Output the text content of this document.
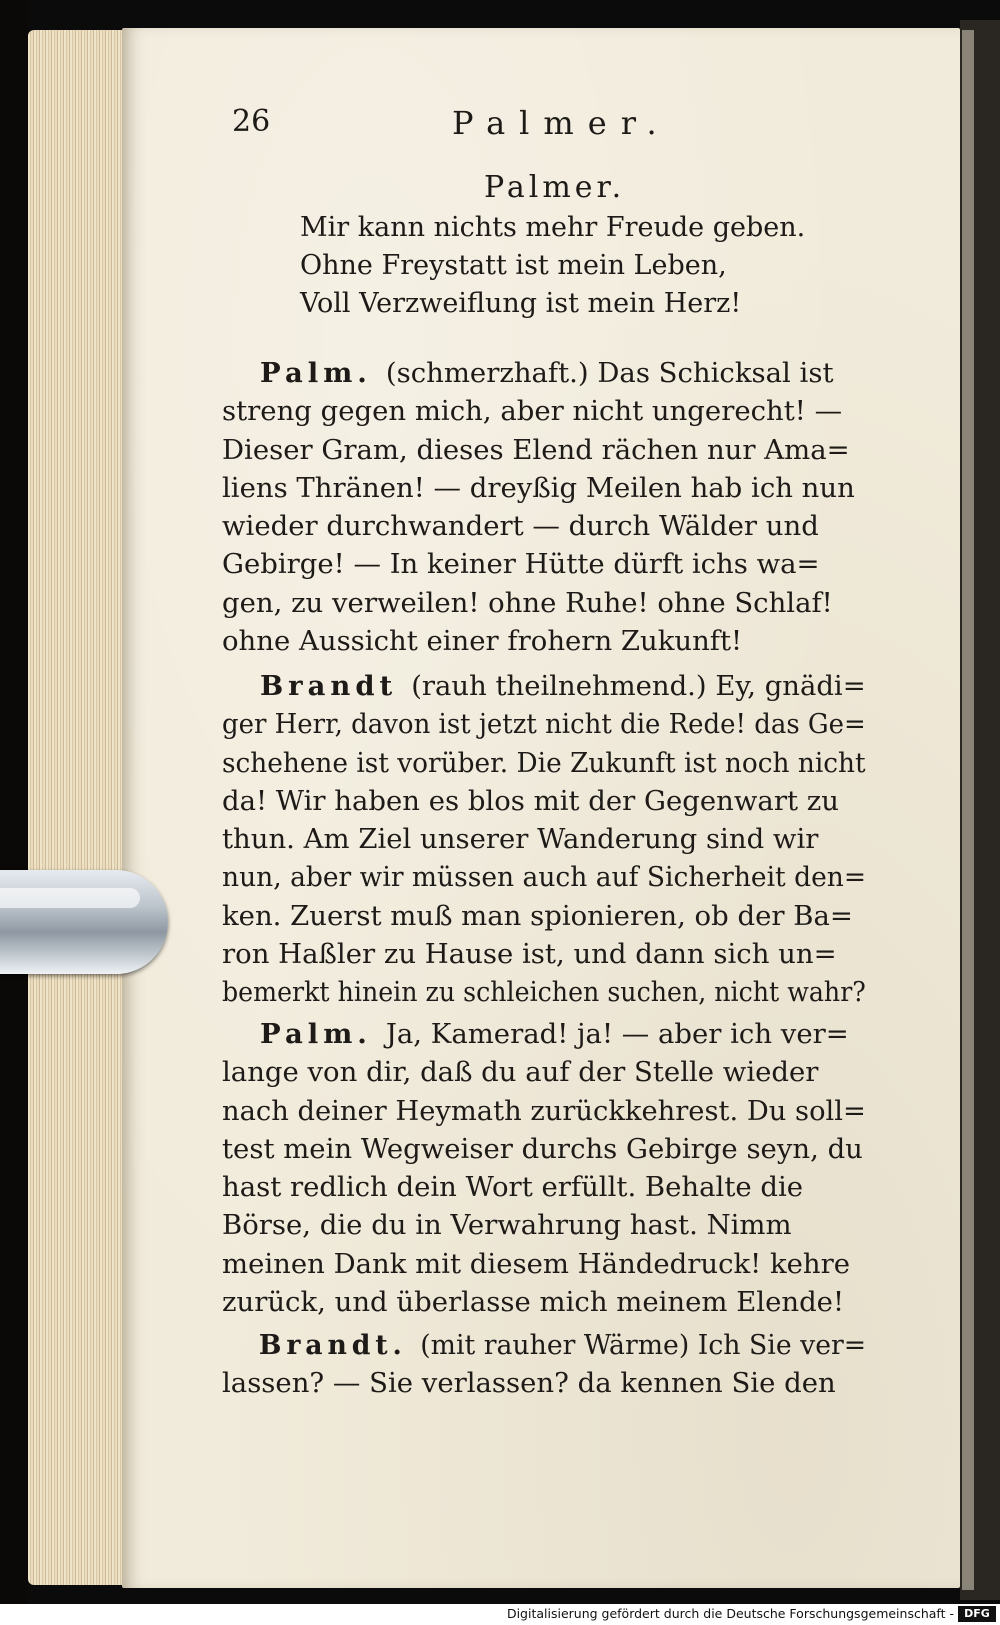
26	Palmer.
Palmer.
Mir kann nichts mehr Freude geben.
Ohne Freystatt ist mein Leben,
Voll Verzweiflung ist mein Herz!
Palm. (schmerzhaft.) Das Schicksal ist
streng gegen mich, aber nicht ungerecht! —
Dieser Gram, dieses Elend rächen nur Ama=
liens Thränen! — dreyßig Meilen hab ich nun
wieder durchwandert — durch Wälder und
Gebirge! — In keiner Hütte dürft ichs wa=
gen, zu verweilen! ohne Ruhe! ohne Schlaf!
ohne Aussicht einer frohern Zukunft!
Brandt (rauh theilnehmend.) Ey, gnädi=
ger Herr, davon ist jetzt nicht die Rede! das Ge=
schehene ist vorüber. Die Zukunft ist noch nicht
da! Wir haben es blos mit der Gegenwart zu
thun. Am Ziel unserer Wanderung sind wir
nun, aber wir müssen auch auf Sicherheit den=
ken. Zuerst muß man spionieren, ob der Ba=
ron Haßler zu Hause ist, und dann sich un=
bemerkt hinein zu schleichen suchen, nicht wahr?
Palm. Ja, Kamerad! ja! — aber ich ver=
lange von dir, daß du auf der Stelle wieder
nach deiner Heymath zurückkehrest. Du soll=
test mein Wegweiser durchs Gebirge seyn, du
hast redlich dein Wort erfüllt. Behalte die
Börse, die du in Verwahrung hast. Nimm
meinen Dank mit diesem Händedruck! kehre
zurück, und überlasse mich meinem Elende!
Brandt. (mit rauher Wärme) Ich Sie ver=
lassen? — Sie verlassen? da kennen Sie den
Digitalisierung gefördert durch die Deutsche Forschungsgemeinschaft - DFG
